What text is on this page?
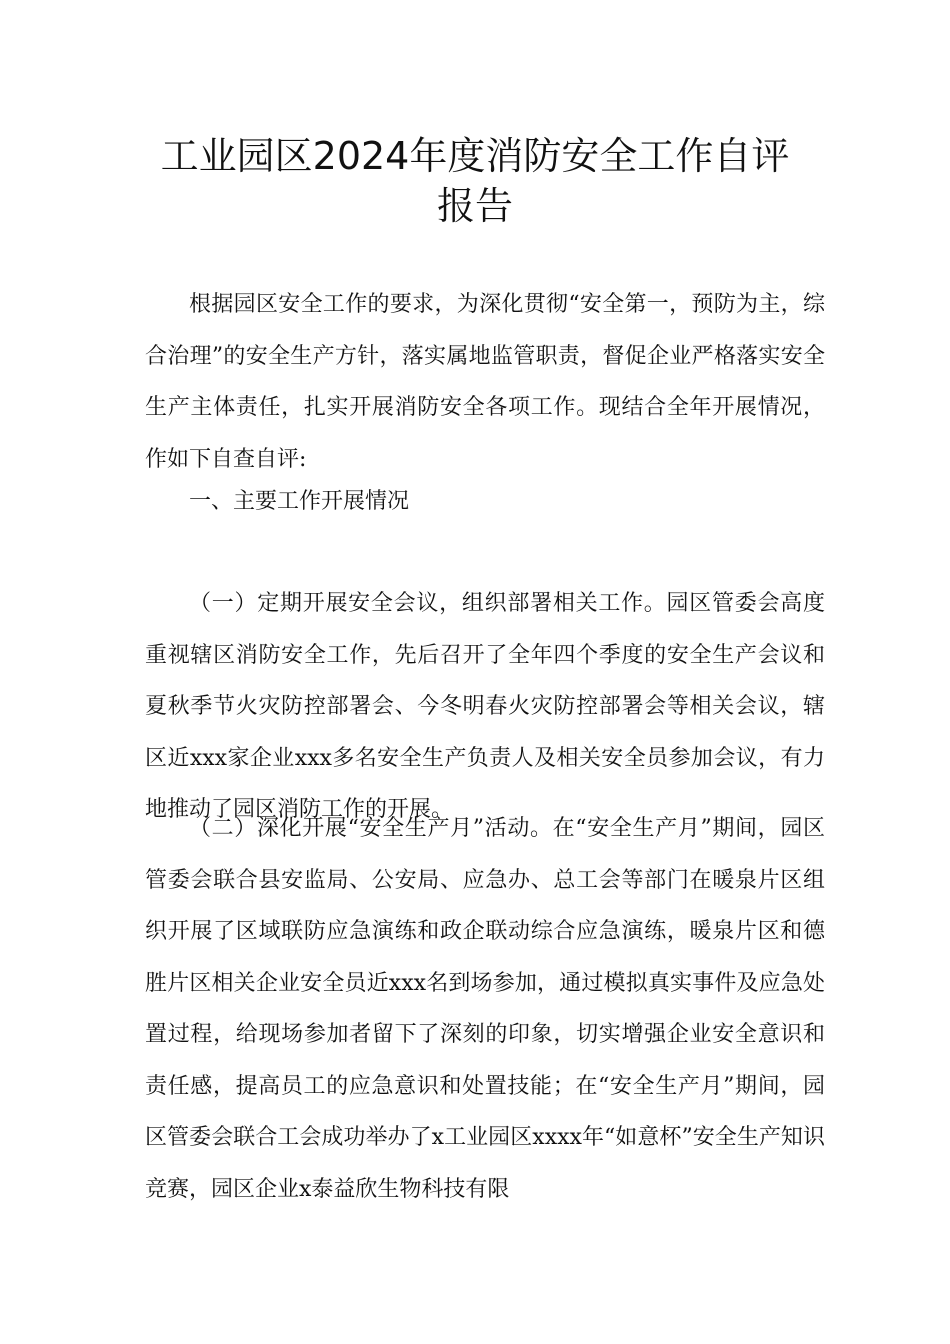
工业园区2024年度消防安全工作自评
报告

根据园区安全工作的要求，为深化贯彻“安全第一，预防为主，综合治理”的安全生产方针，落实属地监管职责，督促企业严格落实安全生产主体责任，扎实开展消防安全各项工作。现结合全年开展情况，作如下自查自评:

一、主要工作开展情况

（一）定期开展安全会议，组织部署相关工作。园区管委会高度重视辖区消防安全工作，先后召开了全年四个季度的安全生产会议和夏秋季节火灾防控部署会、今冬明春火灾防控部署会等相关会议，辖区近xxx家企业xxx多名安全生产负责人及相关安全员参加会议，有力地推动了园区消防工作的开展。

（二）深化开展“安全生产月”活动。在“安全生产月”期间，园区管委会联合县安监局、公安局、应急办、总工会等部门在暖泉片区组织开展了区域联防应急演练和政企联动综合应急演练，暖泉片区和德胜片区相关企业安全员近xxx名到场参加，通过模拟真实事件及应急处置过程，给现场参加者留下了深刻的印象，切实增强企业安全意识和责任感，提高员工的应急意识和处置技能；在“安全生产月”期间，园区管委会联合工会成功举办了x工业园区xxxx年“如意杯”安全生产知识竞赛，园区企业x泰益欣生物科技有限
